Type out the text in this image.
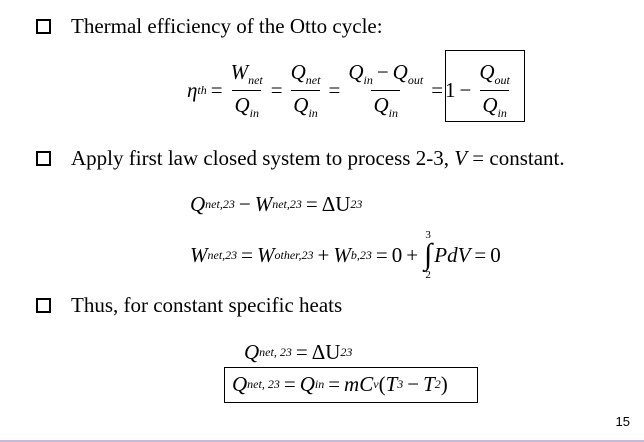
Thermal efficiency of the Otto cycle:
η th = $\frac{W_{net}}{Q_{in}} = \frac{Q_{net}}{Q_{in}} = \frac{Q_{in} - Q_{out}}{Q_{in}} = 1 - \frac{Q_{out}}{Q_{in}}$
Apply first law closed system to process 2-3, V = constant.
Q net,23 − W net,23 = ΔU 23
W net,23 = W other,23 + W b,23 = 0 +
3
∫
2
PdV = 0
Thus, for constant specific heats
Q net, 23 = ΔU 23
Q net, 23 = Q in = mC v ( T 3 − T 2 )
15
